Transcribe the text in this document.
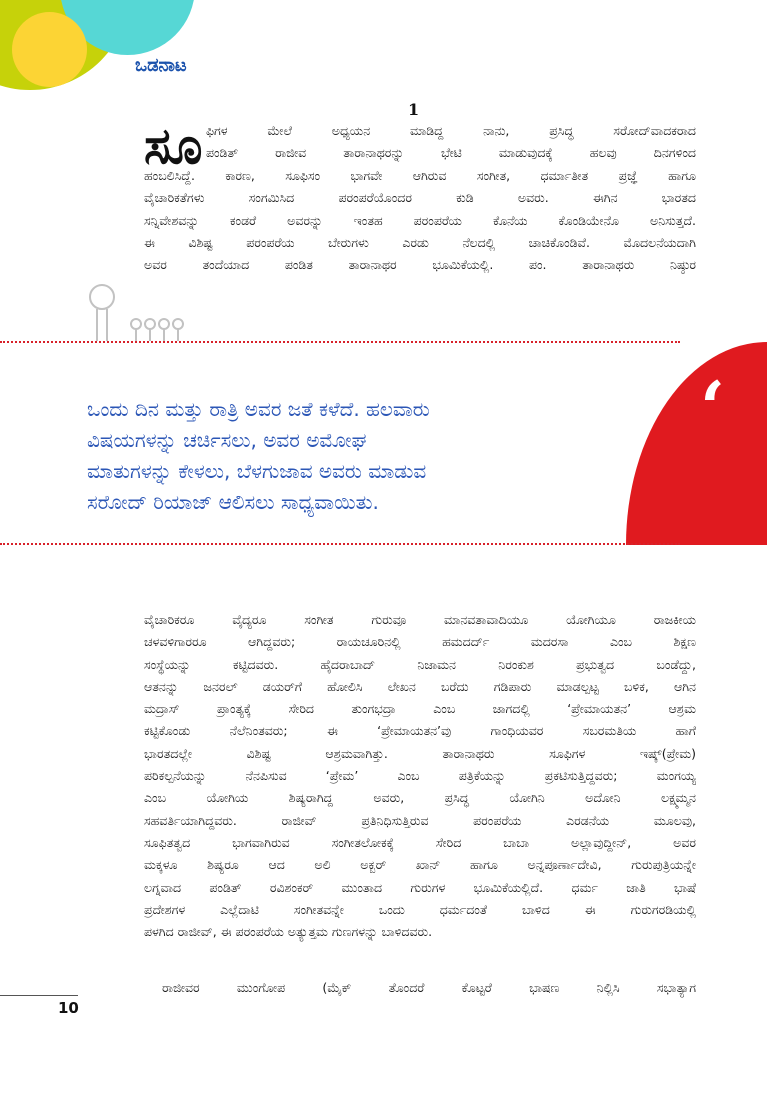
ಒಡನಾಟ
1
ಸೂ ಫಿಗಳ ಮೇಲೆ ಅಧ್ಯಯನ ಮಾಡಿದ್ದ ನಾನು, ಪ್ರಸಿದ್ಧ ಸರೋದ್‌ವಾದಕರಾದ
ಪಂಡಿತ್ ರಾಜೀವ ತಾರಾನಾಥರನ್ನು ಭೇಟಿ ಮಾಡುವುದಕ್ಕೆ ಹಲವು ದಿನಗಳಿಂದ
ಹಂಬಲಿಸಿದ್ದೆ. ಕಾರಣ, ಸೂಫಿಸಂ ಭಾಗವೇ ಆಗಿರುವ ಸಂಗೀತ, ಧರ್ಮಾತೀತ ಪ್ರಜ್ಞೆ ಹಾಗೂ
ವೈಚಾರಿಕತೆಗಳು ಸಂಗಮಿಸಿದ ಪರಂಪರೆಯೊಂದರ ಕುಡಿ ಅವರು. ಈಗಿನ ಭಾರತದ
ಸನ್ನಿವೇಶವನ್ನು ಕಂಡರೆ ಅವರನ್ನು ಇಂತಹ ಪರಂಪರೆಯ ಕೊನೆಯ ಕೊಂಡಿಯೇನೊ ಅನಿಸುತ್ತದೆ.
ಈ ವಿಶಿಷ್ಟ ಪರಂಪರೆಯ ಬೇರುಗಳು ಎರಡು ನೆಲದಲ್ಲಿ ಚಾಚಿಕೊಂಡಿವೆ. ಮೊದಲನೆಯದಾಗಿ
ಅವರ ತಂದೆಯಾದ ಪಂಡಿತ ತಾರಾನಾಥರ ಭೂಮಿಕೆಯಲ್ಲಿ. ಪಂ. ತಾರಾನಾಥರು ನಿಷ್ಠುರ

ಒಂದು ದಿನ ಮತ್ತು ರಾತ್ರಿ ಅವರ ಜತೆ ಕಳೆದೆ. ಹಲವಾರು
ವಿಷಯಗಳನ್ನು ಚರ್ಚಿಸಲು, ಅವರ ಅಮೋಘ
ಮಾತುಗಳನ್ನು ಕೇಳಲು, ಬೆಳಗುಜಾವ ಅವರು ಮಾಡುವ
ಸರೋದ್ ರಿಯಾಜ್ ಆಲಿಸಲು ಸಾಧ್ಯವಾಯಿತು.
‘

ವೈಚಾರಿಕರೂ ವೈದ್ಯರೂ ಸಂಗೀತ ಗುರುವೂ ಮಾನವತಾವಾದಿಯೂ ಯೋಗಿಯೂ ರಾಜಕೀಯ
ಚಳವಳಿಗಾರರೂ ಆಗಿದ್ದವರು; ರಾಯಚೂರಿನಲ್ಲಿ ಹಮದರ್ದ್ ಮದರಸಾ ಎಂಬ ಶಿಕ್ಷಣ
ಸಂಸ್ಥೆಯನ್ನು ಕಟ್ಟಿದವರು. ಹೈದರಾಬಾದ್ ನಿಜಾಮನ ನಿರಂಕುಶ ಪ್ರಭುತ್ವದ ಬಂಡೆದ್ದು,
ಆತನನ್ನು ಜನರಲ್ ಡಯರ್‌ಗೆ ಹೋಲಿಸಿ ಲೇಖನ ಬರೆದು ಗಡಿಪಾರು ಮಾಡಲ್ಪಟ್ಟ ಬಳಿಕ, ಆಗಿನ
ಮದ್ರಾಸ್ ಪ್ರಾಂತ್ಯಕ್ಕೆ ಸೇರಿದ ತುಂಗಭದ್ರಾ ಎಂಬ ಜಾಗದಲ್ಲಿ ‘ಪ್ರೇಮಾಯತನ’ ಆಶ್ರಮ
ಕಟ್ಟಿಕೊಂಡು ನೆಲೆನಿಂತವರು; ಈ ‘ಪ್ರೇಮಾಯತನ’ವು ಗಾಂಧಿಯವರ ಸಬರಮತಿಯ ಹಾಗೆ
ಭಾರತದಲ್ಲೇ ವಿಶಿಷ್ಟ ಆಶ್ರಮವಾಗಿತ್ತು. ತಾರಾನಾಥರು ಸೂಫಿಗಳ ಇಷ್ಕ್(ಪ್ರೇಮ)
ಪರಿಕಲ್ಪನೆಯನ್ನು ನೆನಪಿಸುವ ‘ಪ್ರೇಮ’ ಎಂಬ ಪತ್ರಿಕೆಯನ್ನು ಪ್ರಕಟಿಸುತ್ತಿದ್ದವರು; ಮಂಗಯ್ಯ
ಎಂಬ ಯೋಗಿಯ ಶಿಷ್ಯರಾಗಿದ್ದ ಅವರು, ಪ್ರಸಿದ್ಧ ಯೋಗಿನಿ ಅದೋನಿ ಲಕ್ಷ್ಮಮ್ಮನ
ಸಹವರ್ತಿಯಾಗಿದ್ದವರು. ರಾಜೀವ್ ಪ್ರತಿನಿಧಿಸುತ್ತಿರುವ ಪರಂಪರೆಯ ಎರಡನೆಯ ಮೂಲವು,
ಸೂಫಿತತ್ವದ ಭಾಗವಾಗಿರುವ ಸಂಗೀತಲೋಕಕ್ಕೆ ಸೇರಿದ ಬಾಬಾ ಅಲ್ಲಾವುದ್ದೀನ್, ಅವರ
ಮಕ್ಕಳೂ ಶಿಷ್ಯರೂ ಆದ ಅಲಿ ಅಕ್ಬರ್ ಖಾನ್ ಹಾಗೂ ಅನ್ನಪೂರ್ಣಾದೇವಿ, ಗುರುಪುತ್ರಿಯನ್ನೇ
ಲಗ್ನವಾದ ಪಂಡಿತ್ ರವಿಶಂಕರ್ ಮುಂತಾದ ಗುರುಗಳ ಭೂಮಿಕೆಯಲ್ಲಿದೆ. ಧರ್ಮ ಜಾತಿ ಭಾಷೆ
ಪ್ರದೇಶಗಳ ಎಲ್ಲೆದಾಟಿ ಸಂಗೀತವನ್ನೇ ಒಂದು ಧರ್ಮದಂತೆ ಬಾಳಿದ ಈ ಗುರುಗರಡಿಯಲ್ಲಿ
ಪಳಗಿದ ರಾಜೀವ್, ಈ ಪರಂಪರೆಯ ಅತ್ಯುತ್ತಮ ಗುಣಗಳನ್ನು ಬಾಳಿದವರು.

ರಾಜೀವರ ಮುಂಗೋಪ (ಮೈಕ್ ತೊಂದರೆ ಕೊಟ್ಟರೆ ಭಾಷಣ ನಿಲ್ಲಿಸಿ ಸಭಾತ್ಯಾಗ

10
